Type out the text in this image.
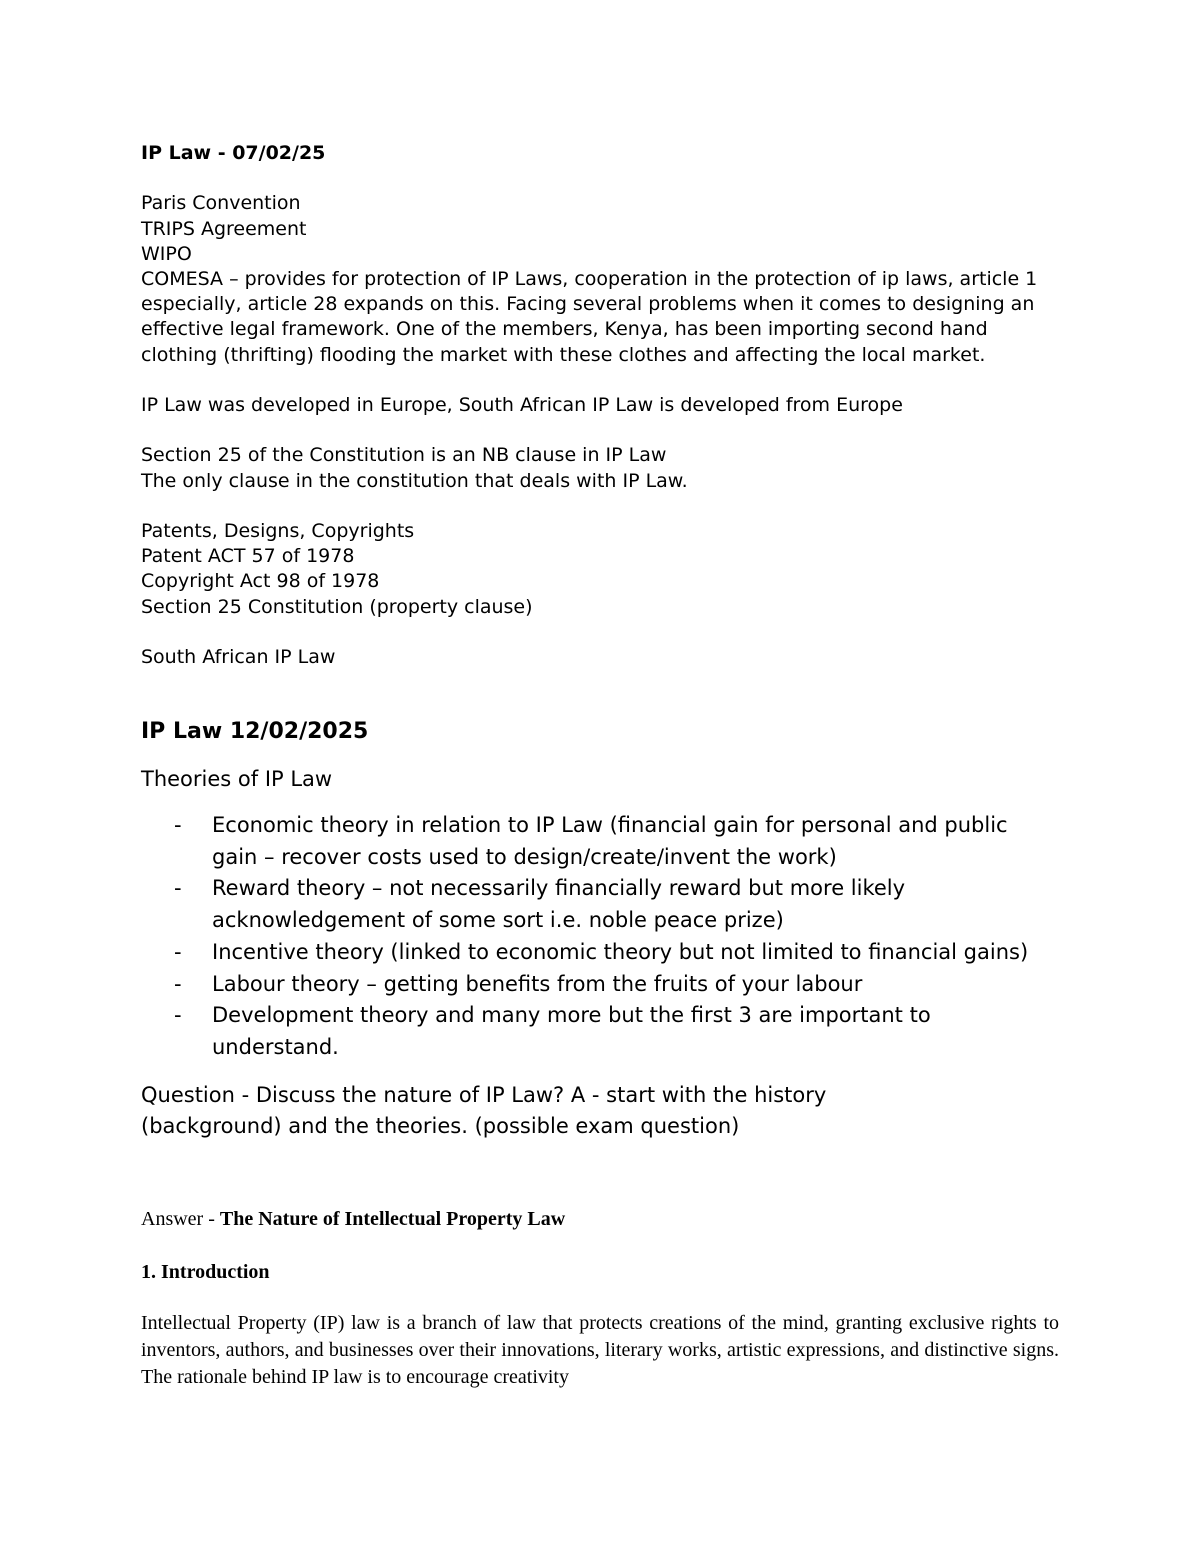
IP Law - 07/02/25

Paris Convention

TRIPS Agreement

WIPO

COMESA – provides for protection of IP Laws, cooperation in the protection of ip laws, article 1 especially, article 28 expands on this. Facing several problems when it comes to designing an effective legal framework. One of the members, Kenya, has been importing second hand clothing (thrifting) flooding the market with these clothes and affecting the local market.

IP Law was developed in Europe, South African IP Law is developed from Europe

Section 25 of the Constitution is an NB clause in IP Law

The only clause in the constitution that deals with IP Law.

Patents, Designs, Copyrights

Patent ACT 57 of 1978

Copyright Act 98 of 1978

Section 25 Constitution (property clause)

South African IP Law

IP Law 12/02/2025

Theories of IP Law

- Economic theory in relation to IP Law (financial gain for personal and public gain – recover costs used to design/create/invent the work)
- Reward theory – not necessarily financially reward but more likely acknowledgement of some sort i.e. noble peace prize)
- Incentive theory (linked to economic theory but not limited to financial gains)
- Labour theory – getting benefits from the fruits of your labour
- Development theory and many more but the first 3 are important to understand.

Question - Discuss the nature of IP Law? A - start with the history (background) and the theories. (possible exam question)

Answer - The Nature of Intellectual Property Law

1. Introduction

Intellectual Property (IP) law is a branch of law that protects creations of the mind, granting exclusive rights to inventors, authors, and businesses over their innovations, literary works, artistic expressions, and distinctive signs. The rationale behind IP law is to encourage creativity
